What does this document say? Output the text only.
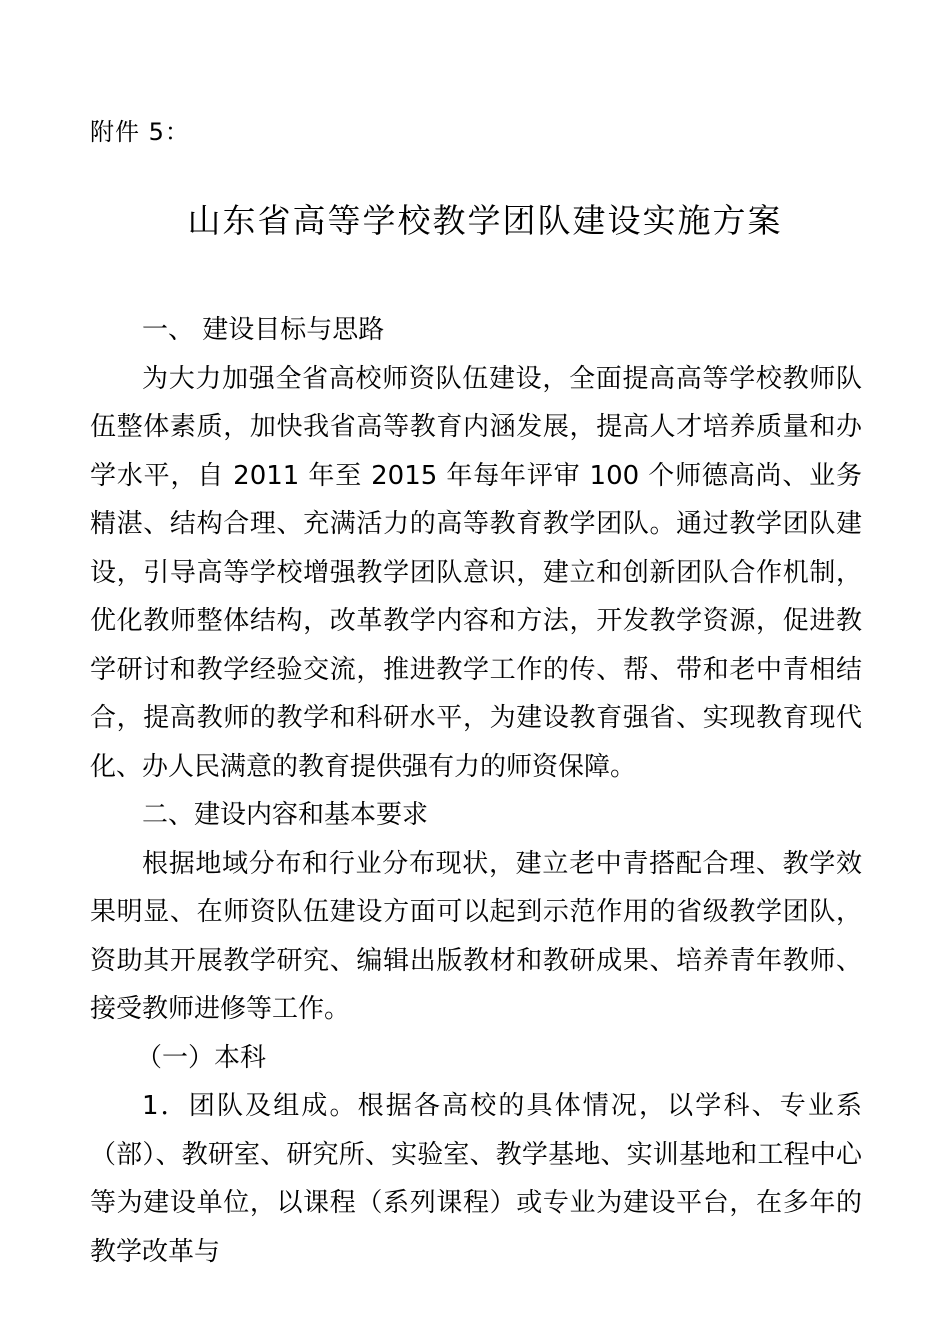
附件 5：
山东省高等学校教学团队建设实施方案

一、 建设目标与思路

为大力加强全省高校师资队伍建设，全面提高高等学校教师队伍整体素质，加快我省高等教育内涵发展，提高人才培养质量和办学水平，自 2011 年至 2015 年每年评审 100 个师德高尚、业务精湛、结构合理、充满活力的高等教育教学团队。通过教学团队建设，引导高等学校增强教学团队意识，建立和创新团队合作机制，优化教师整体结构，改革教学内容和方法，开发教学资源，促进教学研讨和教学经验交流，推进教学工作的传、帮、带和老中青相结合，提高教师的教学和科研水平，为建设教育强省、实现教育现代化、办人民满意的教育提供强有力的师资保障。

二、建设内容和基本要求

根据地域分布和行业分布现状，建立老中青搭配合理、教学效果明显、在师资队伍建设方面可以起到示范作用的省级教学团队，资助其开展教学研究、编辑出版教材和教研成果、培养青年教师、接受教师进修等工作。

（一）本科

1．团队及组成。根据各高校的具体情况，以学科、专业系（部）、教研室、研究所、实验室、教学基地、实训基地和工程中心等为建设单位，以课程（系列课程）或专业为建设平台，在多年的教学改革与
